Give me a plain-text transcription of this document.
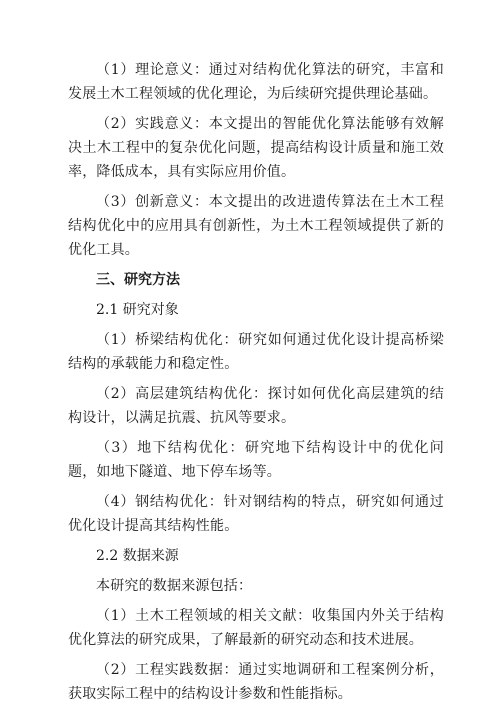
（1）理论意义：通过对结构优化算法的研究，丰富和发展土木工程领域的优化理论，为后续研究提供理论基础。

（2）实践意义：本文提出的智能优化算法能够有效解决土木工程中的复杂优化问题，提高结构设计质量和施工效率，降低成本，具有实际应用价值。

（3）创新意义：本文提出的改进遗传算法在土木工程结构优化中的应用具有创新性，为土木工程领域提供了新的优化工具。

三、研究方法

2.1 研究对象

（1）桥梁结构优化：研究如何通过优化设计提高桥梁结构的承载能力和稳定性。

（2）高层建筑结构优化：探讨如何优化高层建筑的结构设计，以满足抗震、抗风等要求。

（3）地下结构优化：研究地下结构设计中的优化问题，如地下隧道、地下停车场等。

（4）钢结构优化：针对钢结构的特点，研究如何通过优化设计提高其结构性能。

2.2 数据来源

本研究的数据来源包括：

（1）土木工程领域的相关文献：收集国内外关于结构优化算法的研究成果，了解最新的研究动态和技术进展。

（2）工程实践数据：通过实地调研和工程案例分析，获取实际工程中的结构设计参数和性能指标。
